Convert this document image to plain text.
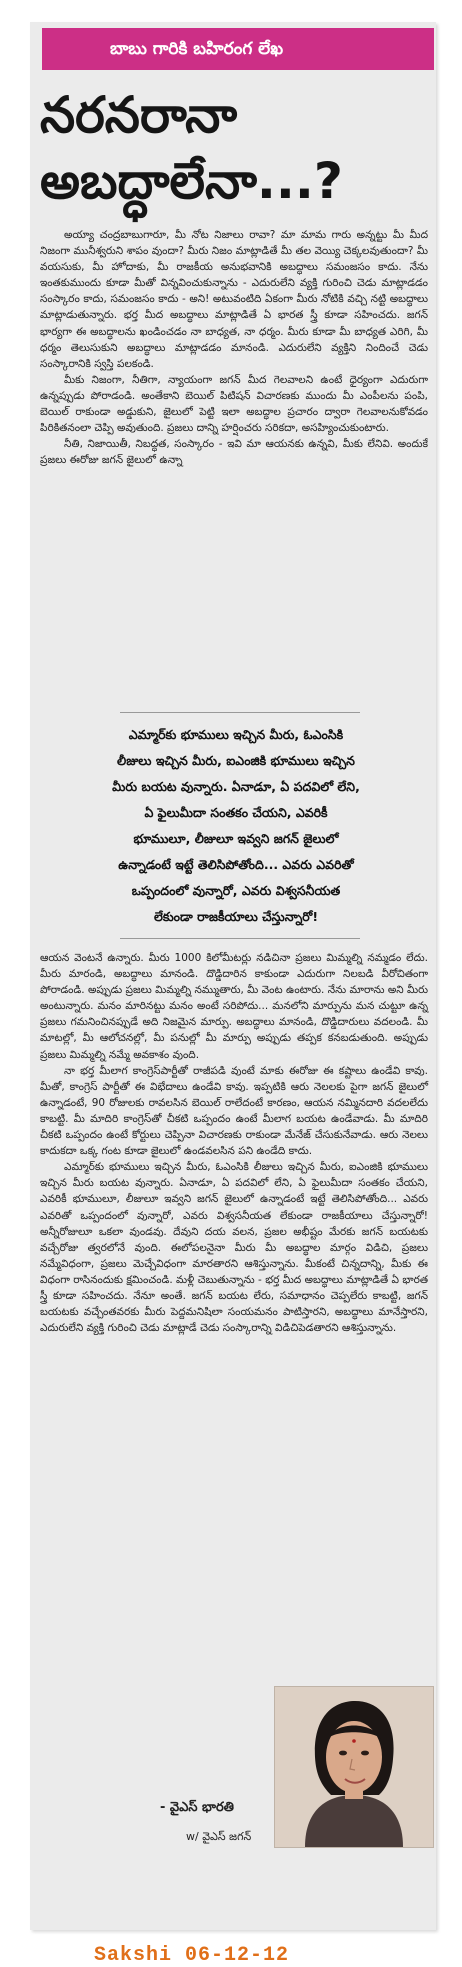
బాబు గారికి బహిరంగ లేఖ
నరనరానా
అబద్ధాలేనా...?

అయ్యా చంద్రబాబుగారూ, మీ నోట నిజాలు రావా? మా మామ గారు అన్నట్టు మీ మీద నిజంగా మునీశ్వరుని శాపం వుందా? మీరు నిజం మాట్లాడితే మీ తల వెయ్యి చెక్కలవుతుందా? మీ వయసుకు, మీ హోదాకు, మీ రాజకీయ అనుభవానికి అబద్ధాలు సమంజసం కాదు. నేను ఇంతకుముందు కూడా మీతో విన్నవించుకున్నాను - ఎదురులేని వ్యక్తి గురించి చెడు మాట్లాడడం సంస్కారం కాదు, సమంజసం కాదు - అని! అటువంటిది ఏకంగా మీరు నోటికి వచ్చి నట్టి అబద్ధాలు మాట్లాడుతున్నారు. భర్త మీద అబద్ధాలు మాట్లాడితే ఏ భారత స్త్రీ కూడా సహించదు. జగన్ భార్యగా ఈ అబద్ధాలను ఖండించడం నా బాధ్యత, నా ధర్మం. మీరు కూడా మీ బాధ్యత ఎరిగి, మీ ధర్మం తెలుసుకుని అబద్ధాలు మాట్లాడడం మానండి. ఎదురులేని వ్యక్తిని నిందించే చెడు సంస్కారానికి స్వస్తి పలకండి.

మీకు నిజంగా, నీతిగా, న్యాయంగా జగన్ మీద గెలవాలని ఉంటే ధైర్యంగా ఎదురుగా ఉన్నప్పుడు పోరాడండి. అంతేకాని బెయిల్ పిటిషన్ విచారణకు ముందు మీ ఎంపీలను పంపి, బెయిల్ రాకుండా అడ్డుకుని, జైలులో పెట్టి ఇలా అబద్ధాల ప్రచారం ద్వారా గెలవాలనుకోవడం పిరికితనంలా చెప్పి అవుతుంది. ప్రజలు దాన్ని హర్షించరు సరికదా, అసహ్యించుకుంటారు.

నీతి, నిజాయితీ, నిబద్ధత, సంస్కారం - ఇవి మా ఆయనకు ఉన్నవి, మీకు లేనివి. అందుకే ప్రజలు ఈరోజు జగన్ జైలులో ఉన్నా

ఎమ్మార్‌కు భూములు ఇచ్చిన మీరు, ఓఎంసికి
లీజులు ఇచ్చిన మీరు, ఐఎంజికి భూములు ఇచ్చిన
మీరు బయట వున్నారు. ఏనాడూ, ఏ పదవిలో లేని,
ఏ ఫైలుమీదా సంతకం చేయని, ఎవరికీ
భూములూ, లీజులూ ఇవ్వని జగన్ జైలులో
ఉన్నాడంటే ఇట్టే తెలిసిపోతోంది... ఎవరు ఎవరితో
ఒప్పందంలో వున్నారో, ఎవరు విశ్వసనీయత
లేకుండా రాజకీయాలు చేస్తున్నారో!

ఆయన వెంటనే ఉన్నారు. మీరు 1000 కిలోమీటర్లు నడిచినా ప్రజలు మిమ్మల్ని నమ్మడం లేదు. మీరు మారండి, అబద్ధాలు మానండి. దొడ్డిదారిన కాకుండా ఎదురుగా నిలబడి వీరోచితంగా పోరాడండి. అప్పుడు ప్రజలు మిమ్మల్ని నమ్ముతారు, మీ వెంట ఉంటారు. నేను మారాను అని మీరు అంటున్నారు. మనం మారినట్టు మనం అంటే సరిపోదు... మనలోని మార్పును మన చుట్టూ ఉన్న ప్రజలు గమనించినప్పుడే అది నిజమైన మార్పు. అబద్ధాలు మానండి, దొడ్డిదారులు వదలండి. మీ మాటల్లో, మీ ఆలోచనల్లో, మీ పనుల్లో మీ మార్పు అప్పుడు తప్పక కనబడుతుంది. అప్పుడు ప్రజలు మిమ్మల్ని నమ్మే అవకాశం వుంది.

నా భర్త మీలాగ కాంగ్రెస్‌పార్టీతో రాజీపడి వుంటే మాకు ఈరోజు ఈ కష్టాలు ఉండేవి కావు. మీతో, కాంగ్రెస్ పార్టీతో ఈ విభేదాలు ఉండేవి కావు. ఇప్పటికి ఆరు నెలలకు పైగా జగన్ జైలులో ఉన్నాడంటే, 90 రోజులకు రావలసిన బెయిల్ రాలేదంటే కారణం, ఆయన నమ్మినదారి వదలలేదు కాబట్టి. మీ మాదిరి కాంగ్రెస్‌తో చీకటి ఒప్పందం ఉంటే మీలాగ బయట ఉండేవాడు. మీ మాదిరి చీకటి ఒప్పందం ఉంటే కోర్టులు చెప్పినా విచారణకు రాకుండా మేనేజ్ చేసుకునేవాడు. ఆరు నెలలు కాదుకదా ఒక్క గంట కూడా జైలులో ఉండవలసిన పని ఉండేది కాదు.

ఎమ్మార్‌కు భూములు ఇచ్చిన మీరు, ఓఎంసికి లీజులు ఇచ్చిన మీరు, ఐఎంజికి భూములు ఇచ్చిన మీరు బయట వున్నారు. ఏనాడూ, ఏ పదవిలో లేని, ఏ ఫైలుమీదా సంతకం చేయని, ఎవరికీ భూములూ, లీజులూ ఇవ్వని జగన్ జైలులో ఉన్నాడంటే ఇట్టే తెలిసిపోతోంది... ఎవరు ఎవరితో ఒప్పందంలో వున్నారో, ఎవరు విశ్వసనీయత లేకుండా రాజకీయాలు చేస్తున్నారో! అన్నీరోజులూ ఒకలా వుండవు. దేవుని దయ వలన, ప్రజల అభీష్టం మేరకు జగన్ బయటకు వచ్చేరోజు త్వరలోనే వుంది. ఈలోపలనైనా మీరు మీ అబద్ధాల మార్గం విడిచి, ప్రజలు నమ్మేవిధంగా, ప్రజలు మెచ్చేవిధంగా మారతారని ఆశిస్తున్నాను. మీకంటే చిన్నదాన్ని, మీకు ఈ విధంగా రాసినందుకు క్షమించండి. మళ్లీ చెబుతున్నాను - భర్త మీద అబద్ధాలు మాట్లాడితే ఏ భారత స్త్రీ కూడా సహించదు. నేనూ అంతే. జగన్ బయట లేరు, సమాధానం చెప్పలేరు కాబట్టి, జగన్ బయటకు వచ్చేంతవరకు మీరు పెద్దమనిషిలా సంయమనం పాటిస్తారని, అబద్ధాలు మానేస్తారని, ఎదురులేని వ్యక్తి గురించి చెడు మాట్లాడే చెడు సంస్కారాన్ని విడిచిపెడతారని ఆశిస్తున్నాను.

- వైఎస్ భారతి
w/ వైఎస్ జగన్
Sakshi 06-12-12
